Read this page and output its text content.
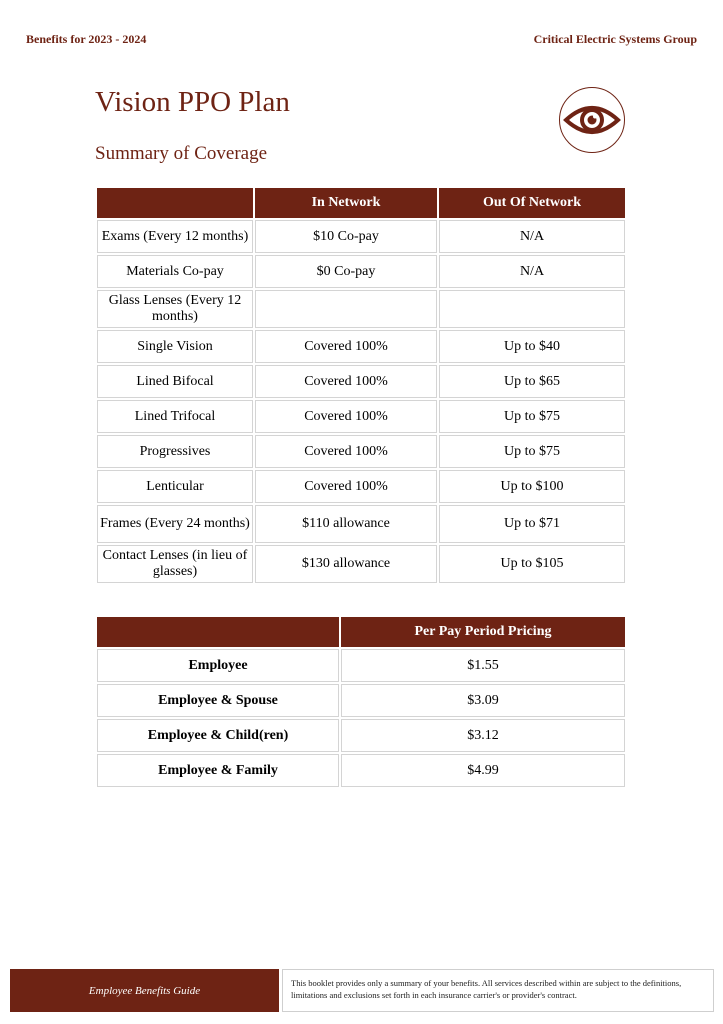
Benefits for 2023 - 2024	Critical Electric Systems Group
Vision PPO Plan
Summary of Coverage
	In Network	Out Of Network
Exams (Every 12 months)	$10 Co-pay	N/A
Materials Co-pay	$0 Co-pay	N/A
Glass Lenses (Every 12 months)		
Single Vision	Covered 100%	Up to $40
Lined Bifocal	Covered 100%	Up to $65
Lined Trifocal	Covered 100%	Up to $75
Progressives	Covered 100%	Up to $75
Lenticular	Covered 100%	Up to $100
Frames (Every 24 months)	$110 allowance	Up to $71
Contact Lenses (in lieu of glasses)	$130 allowance	Up to $105
	Per Pay Period Pricing
Employee	$1.55
Employee & Spouse	$3.09
Employee & Child(ren)	$3.12
Employee & Family	$4.99
Employee Benefits Guide
This booklet provides only a summary of your benefits. All services described within are subject to the definitions, limitations and exclusions set forth in each insurance carrier's or provider's contract.
